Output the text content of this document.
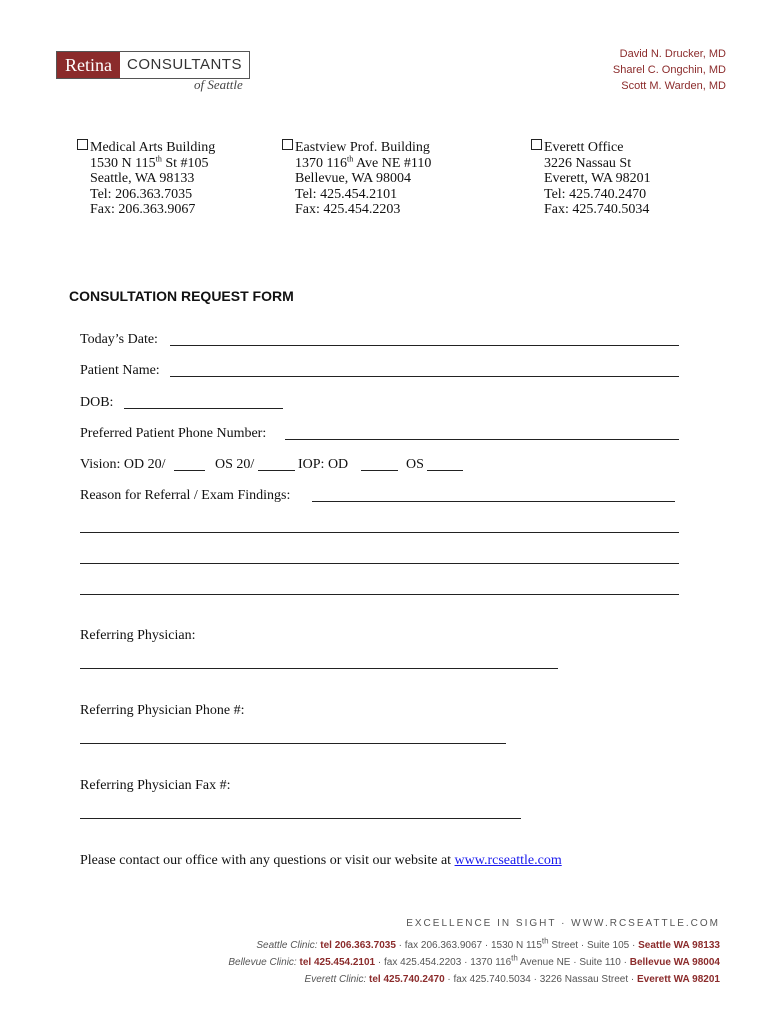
Retina	CONSULTANTS
of Seattle
David N. Drucker, MD
Sharel C. Ongchin, MD
Scott M. Warden, MD
Medical Arts Building
1530 N 115th St #105
Seattle, WA 98133
Tel: 206.363.7035
Fax: 206.363.9067
Eastview Prof. Building
1370 116th Ave NE #110
Bellevue, WA 98004
Tel: 425.454.2101
Fax: 425.454.2203
Everett Office
3226 Nassau St
Everett, WA 98201
Tel: 425.740.2470
Fax: 425.740.5034
CONSULTATION REQUEST FORM
Today’s Date:
Patient Name:
DOB:
Preferred Patient Phone Number:
Vision: OD 20/	OS 20/	IOP: OD	OS
Reason for Referral / Exam Findings:
Referring Physician:
Referring Physician Phone #:
Referring Physician Fax #:
Please contact our office with any questions or visit our website at www.rcseattle.com
EXCELLENCE IN SIGHT · WWW.RCSEATTLE.COM
Seattle Clinic: tel 206.363.7035 · fax 206.363.9067 · 1530 N 115th Street · Suite 105 · Seattle WA 98133
Bellevue Clinic: tel 425.454.2101 · fax 425.454.2203 · 1370 116th Avenue NE · Suite 110 · Bellevue WA 98004
Everett Clinic: tel 425.740.2470 · fax 425.740.5034 · 3226 Nassau Street · Everett WA 98201
